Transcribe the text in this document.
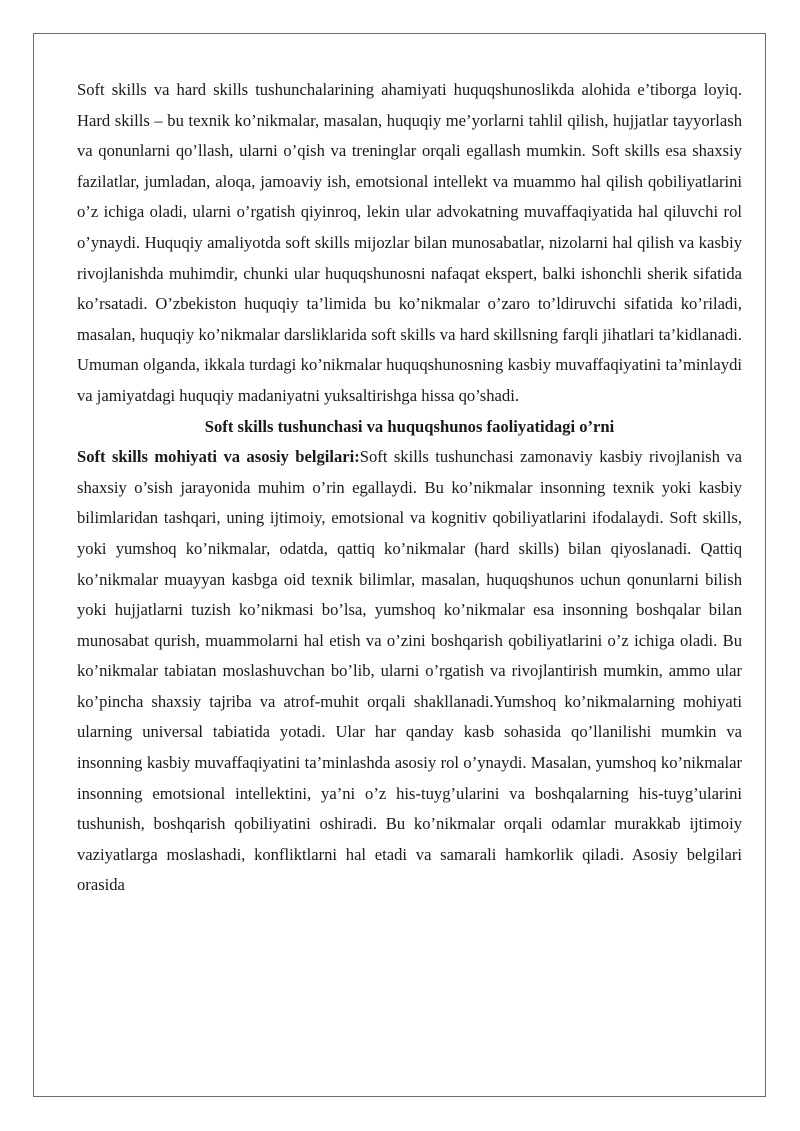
Soft skills va hard skills tushunchalarining ahamiyati huquqshunoslikda alohida e’tiborga loyiq. Hard skills – bu texnik ko’nikmalar, masalan, huquqiy me’yorlarni tahlil qilish, hujjatlar tayyorlash va qonunlarni qo’llash, ularni o’qish va treninglar orqali egallash mumkin. Soft skills esa shaxsiy fazilatlar, jumladan, aloqa, jamoaviy ish, emotsional intellekt va muammo hal qilish qobiliyatlarini o’z ichiga oladi, ularni o’rgatish qiyinroq, lekin ular advokatning muvaffaqiyatida hal qiluvchi rol o’ynaydi. Huquqiy amaliyotda soft skills mijozlar bilan munosabatlar, nizolarni hal qilish va kasbiy rivojlanishda muhimdir, chunki ular huquqshunosni nafaqat ekspert, balki ishonchli sherik sifatida ko’rsatadi. O’zbekiston huquqiy ta’limida bu ko’nikmalar o’zaro to’ldiruvchi sifatida ko’riladi, masalan, huquqiy ko’nikmalar darsliklarida soft skills va hard skillsning farqli jihatlari ta’kidlanadi. Umuman olganda, ikkala turdagi ko’nikmalar huquqshunosning kasbiy muvaffaqiyatini ta’minlaydi va jamiyatdagi huquqiy madaniyatni yuksaltirishga hissa qo’shadi.

Soft skills tushunchasi va huquqshunos faoliyatidagi o’rni

Soft skills mohiyati va asosiy belgilari:Soft skills tushunchasi zamonaviy kasbiy rivojlanish va shaxsiy o’sish jarayonida muhim o’rin egallaydi. Bu ko’nikmalar insonning texnik yoki kasbiy bilimlaridan tashqari, uning ijtimoiy, emotsional va kognitiv qobiliyatlarini ifodalaydi. Soft skills, yoki yumshoq ko’nikmalar, odatda, qattiq ko’nikmalar (hard skills) bilan qiyoslanadi. Qattiq ko’nikmalar muayyan kasbga oid texnik bilimlar, masalan, huquqshunos uchun qonunlarni bilish yoki hujjatlarni tuzish ko’nikmasi bo’lsa, yumshoq ko’nikmalar esa insonning boshqalar bilan munosabat qurish, muammolarni hal etish va o’zini boshqarish qobiliyatlarini o’z ichiga oladi. Bu ko’nikmalar tabiatan moslashuvchan bo’lib, ularni o’rgatish va rivojlantirish mumkin, ammo ular ko’pincha shaxsiy tajriba va atrof-muhit orqali shakllanadi.Yumshoq ko’nikmalarning mohiyati ularning universal tabiatida yotadi. Ular har qanday kasb sohasida qo’llanilishi mumkin va insonning kasbiy muvaffaqiyatini ta’minlashda asosiy rol o’ynaydi. Masalan, yumshoq ko’nikmalar insonning emotsional intellektini, ya’ni o’z his-tuyg’ularini va boshqalarning his-tuyg’ularini tushunish, boshqarish qobiliyatini oshiradi. Bu ko’nikmalar orqali odamlar murakkab ijtimoiy vaziyatlarga moslashadi, konfliktlarni hal etadi va samarali hamkorlik qiladi. Asosiy belgilari orasida
